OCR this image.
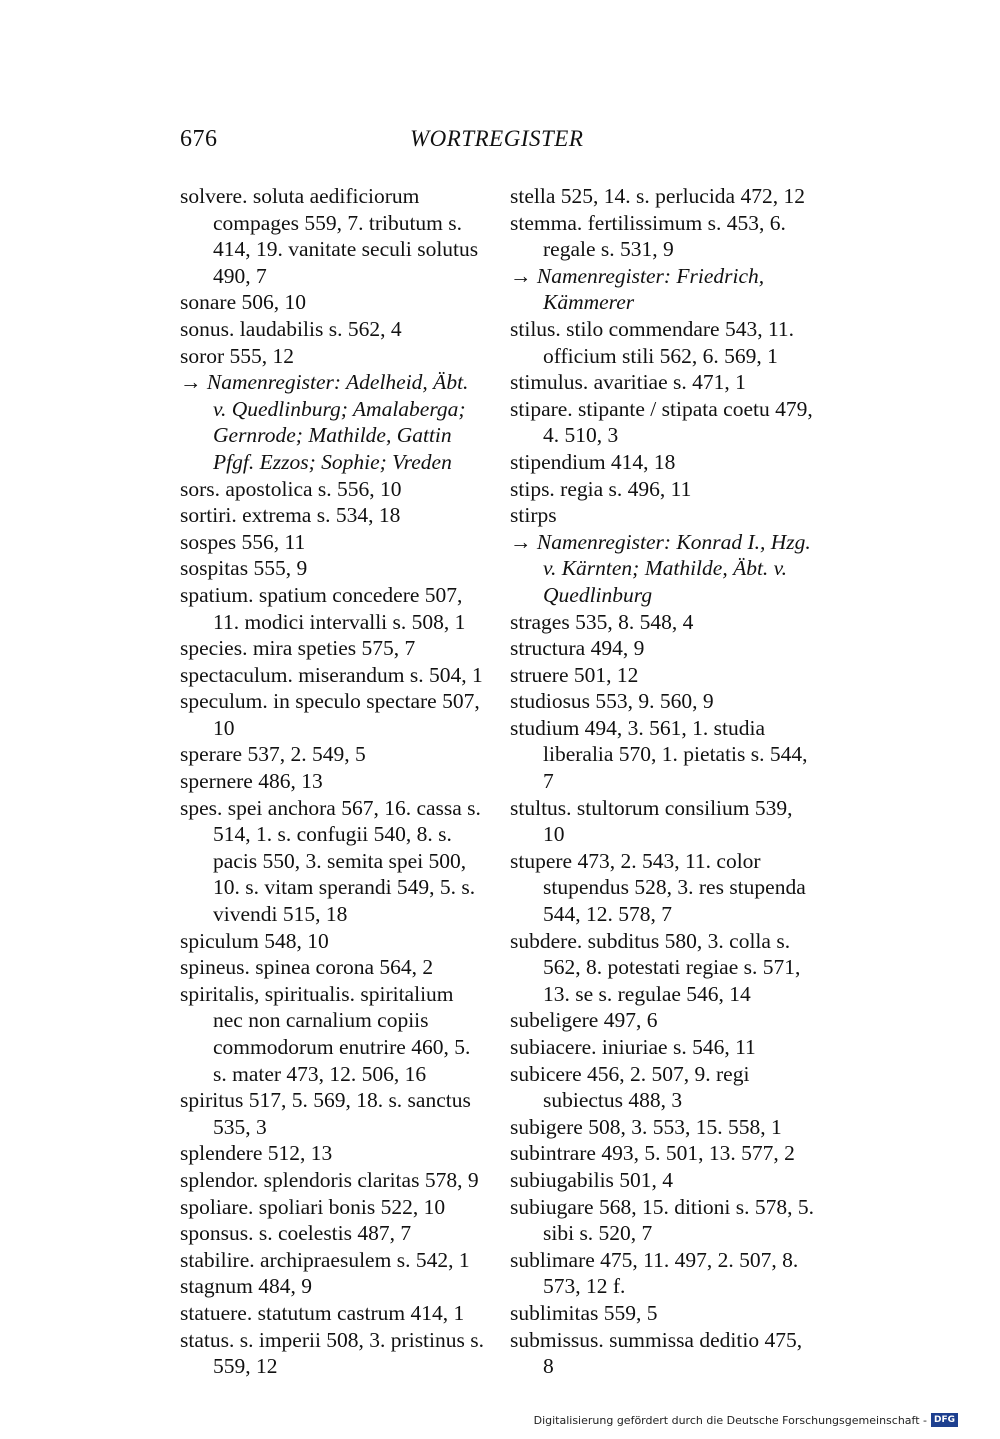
676	WORTREGISTER

solvere. soluta aedificiorum compages 559, 7. tributum s. 414, 19. vanitate seculi solutus 490, 7

sonare 506, 10

sonus. laudabilis s. 562, 4

soror 555, 12

→ Namenregister: Adelheid, Äbt. v. Quedlinburg; Amalaberga; Gernrode; Mathilde, Gattin Pfgf. Ezzos; Sophie; Vreden

sors. apostolica s. 556, 10

sortiri. extrema s. 534, 18

sospes 556, 11

sospitas 555, 9

spatium. spatium concedere 507, 11. modici intervalli s. 508, 1

species. mira speties 575, 7

spectaculum. miserandum s. 504, 1

speculum. in speculo spectare 507, 10

sperare 537, 2. 549, 5

spernere 486, 13

spes. spei anchora 567, 16. cassa s. 514, 1. s. confugii 540, 8. s. pacis 550, 3. semita spei 500, 10. s. vitam sperandi 549, 5. s. vivendi 515, 18

spiculum 548, 10

spineus. spinea corona 564, 2

spiritalis, spiritualis. spiritalium nec non carnalium copiis commodorum enutrire 460, 5. s. mater 473, 12. 506, 16

spiritus 517, 5. 569, 18. s. sanctus 535, 3

splendere 512, 13

splendor. splendoris claritas 578, 9

spoliare. spoliari bonis 522, 10

sponsus. s. coelestis 487, 7

stabilire. archipraesulem s. 542, 1

stagnum 484, 9

statuere. statutum castrum 414, 1

status. s. imperii 508, 3. pristinus s. 559, 12

stella 525, 14. s. perlucida 472, 12

stemma. fertilissimum s. 453, 6. regale s. 531, 9

→ Namenregister: Friedrich, Kämmerer

stilus. stilo commendare 543, 11. officium stili 562, 6. 569, 1

stimulus. avaritiae s. 471, 1

stipare. stipante / stipata coetu 479, 4. 510, 3

stipendium 414, 18

stips. regia s. 496, 11

stirps

→ Namenregister: Konrad I., Hzg. v. Kärnten; Mathilde, Äbt. v. Quedlinburg

strages 535, 8. 548, 4

structura 494, 9

struere 501, 12

studiosus 553, 9. 560, 9

studium 494, 3. 561, 1. studia liberalia 570, 1. pietatis s. 544, 7

stultus. stultorum consilium 539, 10

stupere 473, 2. 543, 11. color stupendus 528, 3. res stupenda 544, 12. 578, 7

subdere. subditus 580, 3. colla s. 562, 8. potestati regiae s. 571, 13. se s. regulae 546, 14

subeligere 497, 6

subiacere. iniuriae s. 546, 11

subicere 456, 2. 507, 9. regi subiectus 488, 3

subigere 508, 3. 553, 15. 558, 1

subintrare 493, 5. 501, 13. 577, 2

subiugabilis 501, 4

subiugare 568, 15. ditioni s. 578, 5. sibi s. 520, 7

sublimare 475, 11. 497, 2. 507, 8. 573, 12 f.

sublimitas 559, 5

submissus. summissa deditio 475, 8

Digitalisierung gefördert durch die Deutsche Forschungsgemeinschaft - DFG
